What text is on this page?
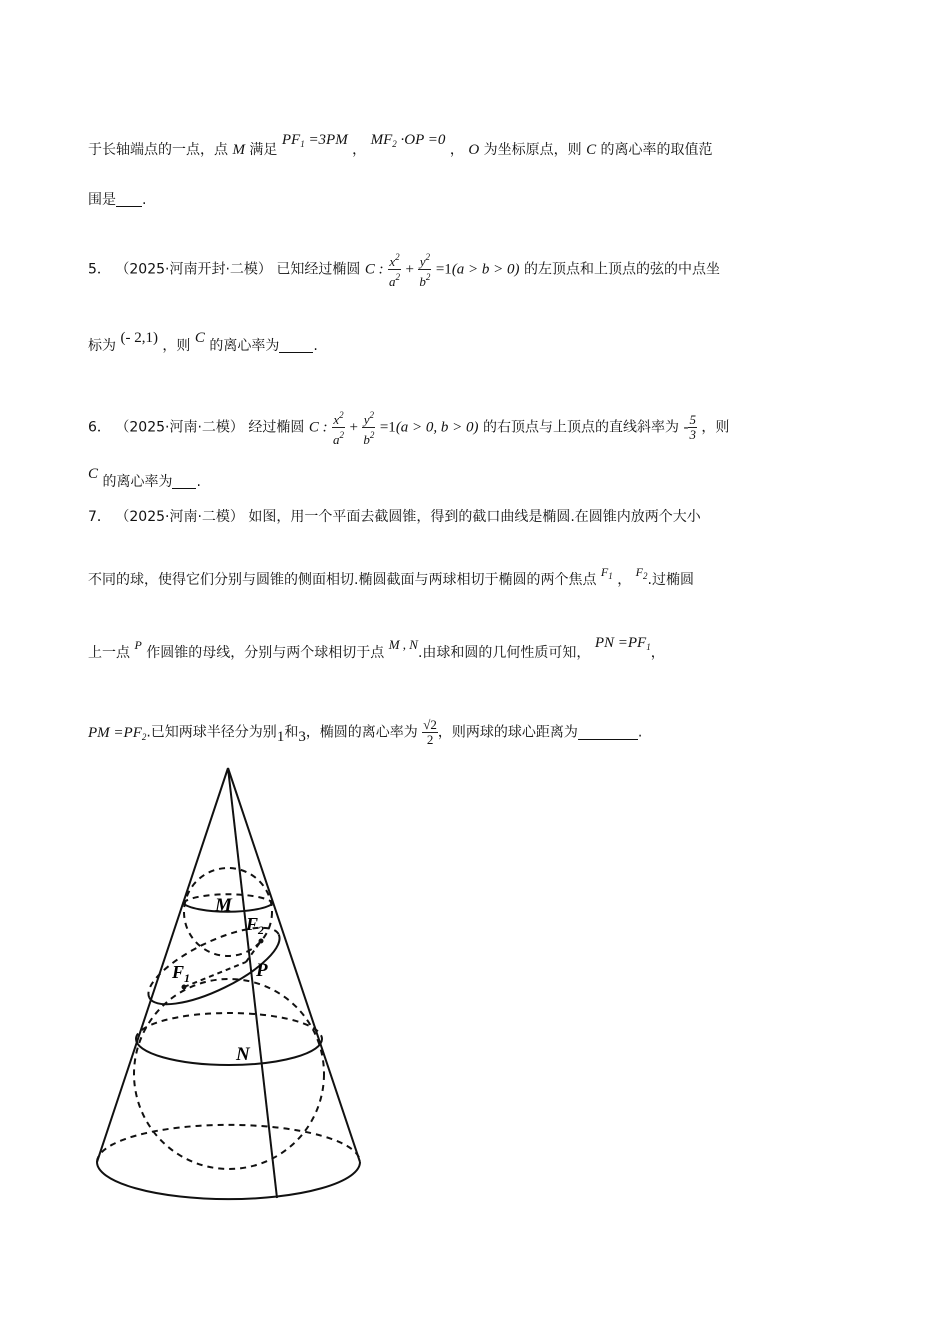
于长轴端点的一点，点 M 满足 $PF_1 =3PM$ ， $MF_2 \cdot OP =0$ ， O 为坐标原点，则 C 的离心率的取值范
围是 .
5． （2025·河南开封·二模） 已知经过椭圆 C : $\frac{x^2}{a^2} + \frac{y^2}{b^2} =1(a > b > 0)$ 的左顶点和上顶点的弦的中点坐
标为 (- 2,1) ，则 C 的离心率为 .
6． （2025·河南·二模） 经过椭圆 C : $\frac{x^2}{a^2} + \frac{y^2}{b^2} =1(a > 0$, b > 0) 的右顶点与上顶点的直线斜率为 - $\frac{5}{3}$ ，则
C 的离心率为 .
7． （2025·河南·二模） 如图，用一个平面去截圆锥，得到的截口曲线是椭圆.在圆锥内放两个大小
不同的球，使得它们分别与圆锥的侧面相切.椭圆截面与两球相切于椭圆的两个焦点 $F_1$ ， $F_2$.过椭圆
上一点 P 作圆锥的母线，分别与两个球相切于点 M , N.由球和圆的几何性质可知， PN $=PF_1$，
PM $=PF_2$.已知两球半径分为别1和3，椭圆的离心率为 $\frac{√2}{2}$ ，则两球的球心距离为	.
M
$F_2$
$F_1$	P
N
